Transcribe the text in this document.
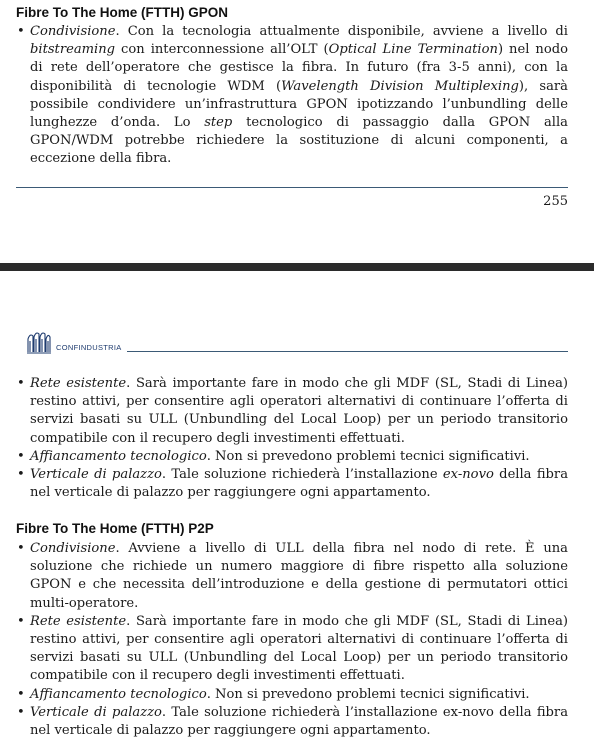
Fibre To The Home (FTTH) GPON
• Condivisione. Con la tecnologia attualmente disponibile, avviene a livello di bitstreaming con interconnessione all’OLT (Optical Line Termination) nel nodo di rete dell’operatore che gestisce la fibra. In futuro (fra 3-5 anni), con la disponibilità di tecnologie WDM (Wavelength Division Multiplexing), sarà possibile condividere un’infrastruttura GPON ipotizzando l’unbundling delle lunghezze d’onda. Lo step tecnologico di passaggio dalla GPON alla GPON/WDM potrebbe richiedere la sostituzione di alcuni componenti, a eccezione della fibra.
255
CONFINDUSTRIA
• Rete esistente. Sarà importante fare in modo che gli MDF (SL, Stadi di Linea) restino attivi, per consentire agli operatori alternativi di continuare l’offerta di servizi basati su ULL (Unbundling del Local Loop) per un periodo transitorio compatibile con il recupero degli investimenti effettuati.
• Affiancamento tecnologico. Non si prevedono problemi tecnici significativi.
• Verticale di palazzo. Tale soluzione richiederà l’installazione ex-novo della fibra nel verticale di palazzo per raggiungere ogni appartamento.
Fibre To The Home (FTTH) P2P
• Condivisione. Avviene a livello di ULL della fibra nel nodo di rete. È una soluzione che richiede un numero maggiore di fibre rispetto alla soluzione GPON e che necessita dell’introduzione e della gestione di permutatori ottici multi-operatore.
• Rete esistente. Sarà importante fare in modo che gli MDF (SL, Stadi di Linea) restino attivi, per consentire agli operatori alternativi di continuare l’offerta di servizi basati su ULL (Unbundling del Local Loop) per un periodo transitorio compatibile con il recupero degli investimenti effettuati.
• Affiancamento tecnologico. Non si prevedono problemi tecnici significativi.
• Verticale di palazzo. Tale soluzione richiederà l’installazione ex-novo della fibra nel verticale di palazzo per raggiungere ogni appartamento.
